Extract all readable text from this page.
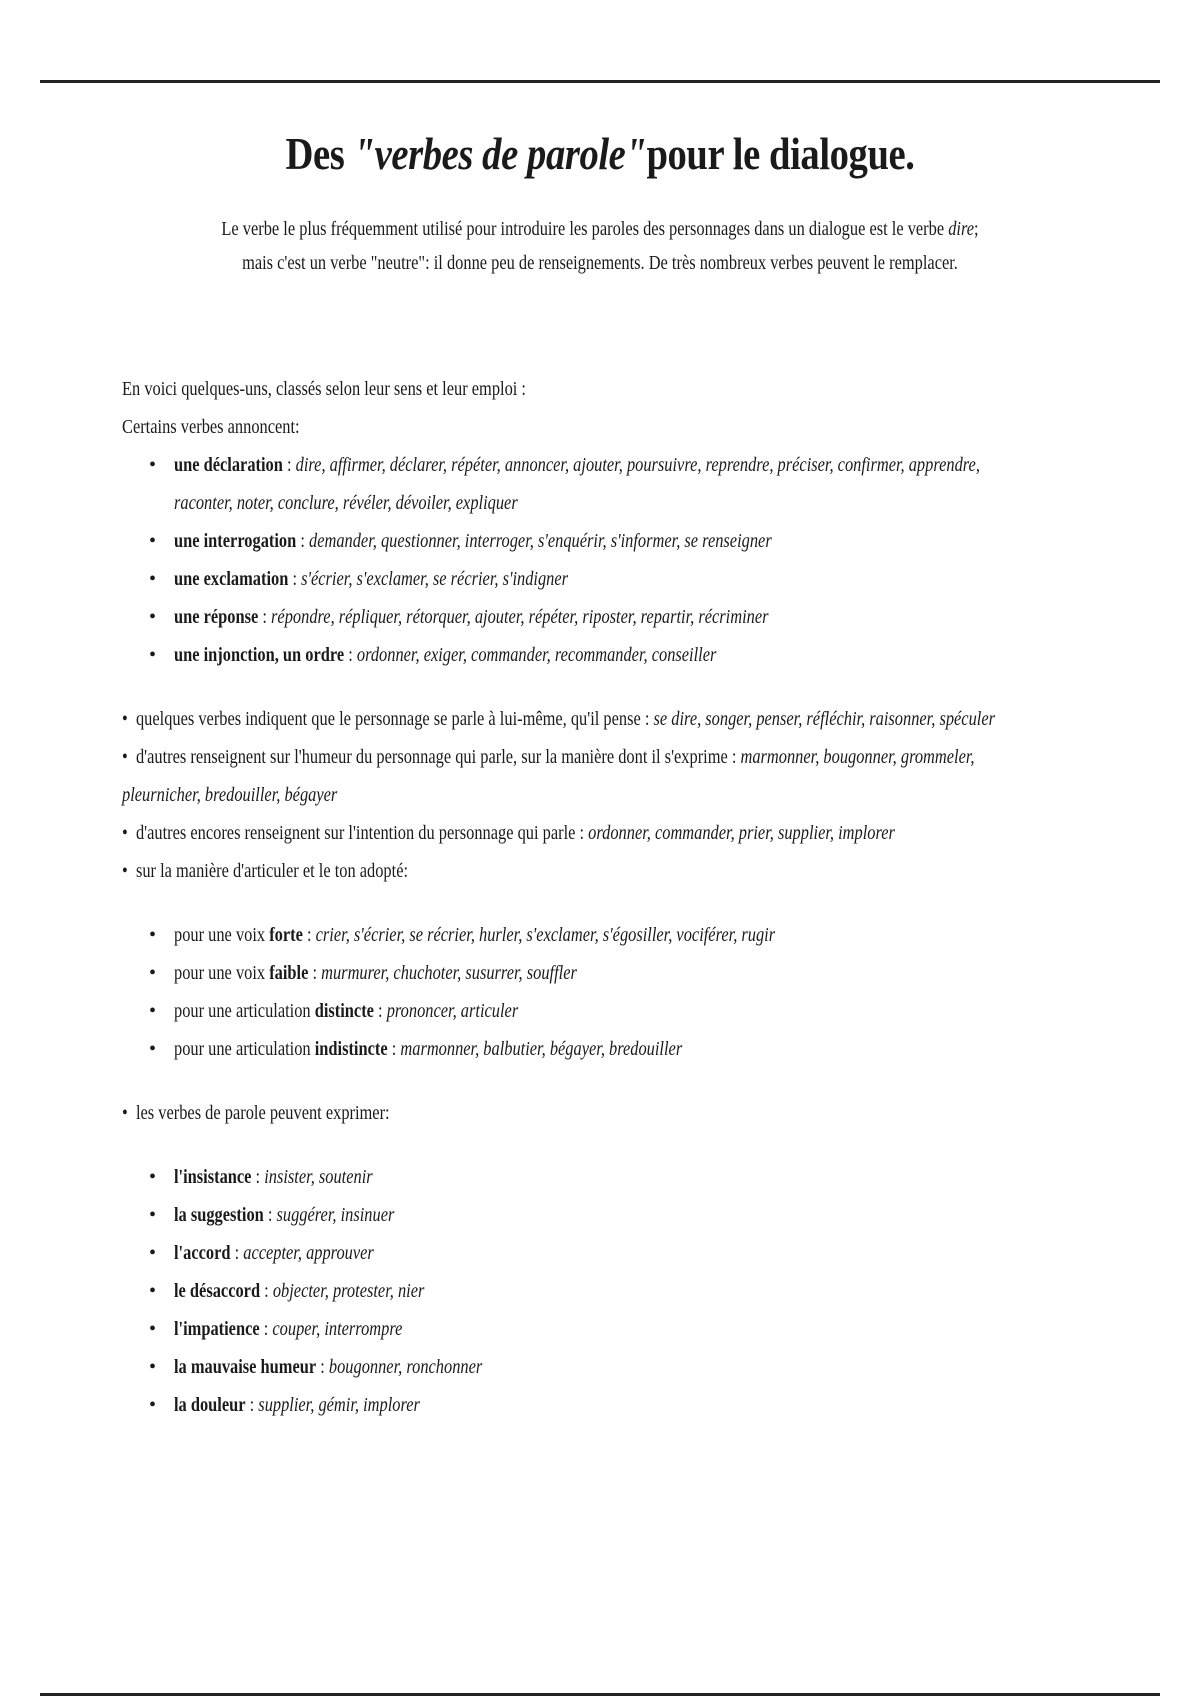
Des "verbes de parole"pour le dialogue.

Le verbe le plus fréquemment utilisé pour introduire les paroles des personnages dans un dialogue est le verbe dire;

mais c'est un verbe "neutre": il donne peu de renseignements. De très nombreux verbes peuvent le remplacer.

En voici quelques-uns, classés selon leur sens et leur emploi :

Certains verbes annoncent:

• une déclaration : dire, affirmer, déclarer, répéter, annoncer, ajouter, poursuivre, reprendre, préciser, confirmer, apprendre,
raconter, noter, conclure, révéler, dévoiler, expliquer
• une interrogation : demander, questionner, interroger, s'enquérir, s'informer, se renseigner
• une exclamation : s'écrier, s'exclamer, se récrier, s'indigner
• une réponse : répondre, répliquer, rétorquer, ajouter, répéter, riposter, repartir, récriminer
• une injonction, un ordre : ordonner, exiger, commander, recommander, conseiller

•  quelques verbes indiquent que le personnage se parle à lui-même, qu'il pense : se dire, songer, penser, réfléchir, raisonner, spéculer

•  d'autres renseignent sur l'humeur du personnage qui parle, sur la manière dont il s'exprime : marmonner, bougonner, grommeler,

pleurnicher, bredouiller, bégayer

•  d'autres encores renseignent sur l'intention du personnage qui parle : ordonner, commander, prier, supplier, implorer

•  sur la manière d'articuler et le ton adopté:

• pour une voix forte : crier, s'écrier, se récrier, hurler, s'exclamer, s'égosiller, vociférer, rugir
• pour une voix faible : murmurer, chuchoter, susurrer, souffler
• pour une articulation distincte : prononcer, articuler
• pour une articulation indistincte : marmonner, balbutier, bégayer, bredouiller

•  les verbes de parole peuvent exprimer:

• l'insistance : insister, soutenir
• la suggestion : suggérer, insinuer
• l'accord : accepter, approuver
• le désaccord : objecter, protester, nier
• l'impatience : couper, interrompre
• la mauvaise humeur : bougonner, ronchonner
• la douleur : supplier, gémir, implorer
